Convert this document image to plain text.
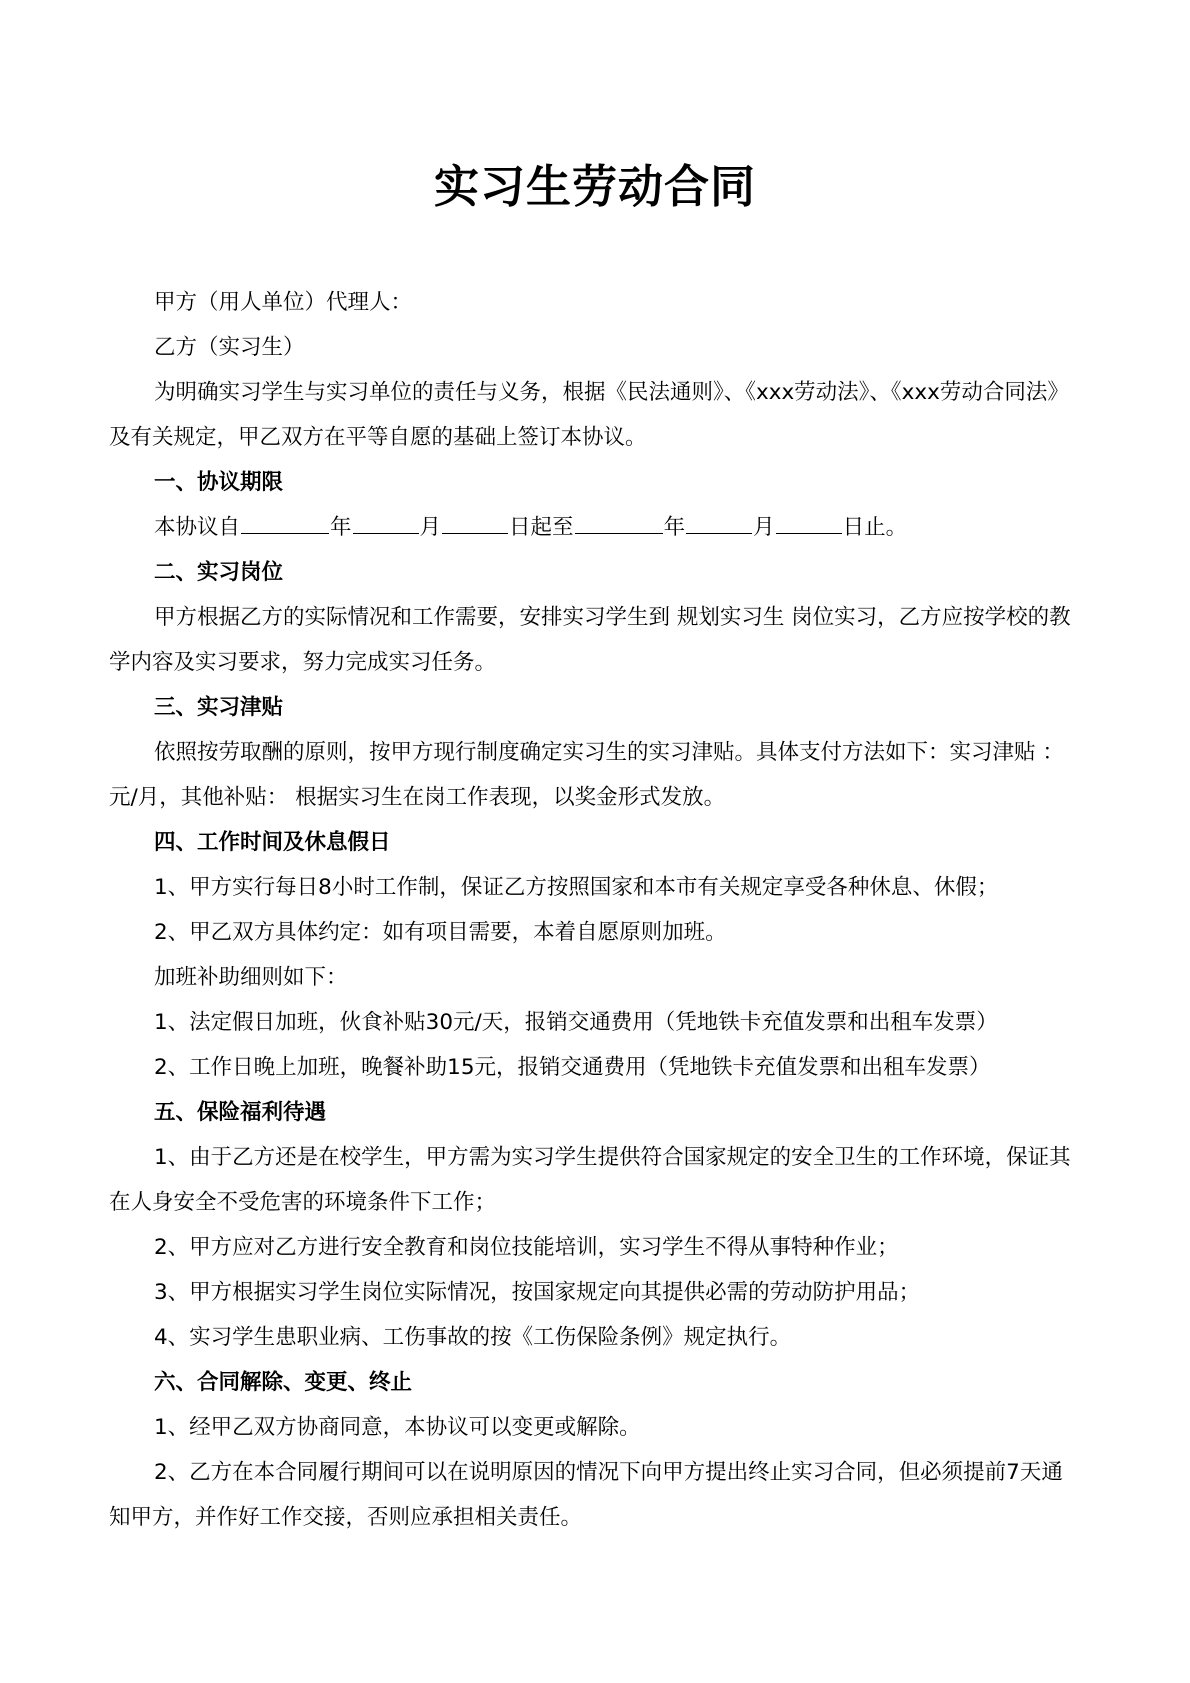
实习生劳动合同

甲方（用人单位）代理人：

乙方（实习生）

为明确实习学生与实习单位的责任与义务，根据《民法通则》、《xxx劳动法》、《xxx劳动合同法》及有关规定，甲乙双方在平等自愿的基础上签订本协议。

一、协议期限

本协议自	年	月	日起至	年	月	日止。

二、实习岗位

甲方根据乙方的实际情况和工作需要，安排实习学生到 规划实习生 岗位实习，乙方应按学校的教学内容及实习要求，努力完成实习任务。

三、实习津贴

依照按劳取酬的原则，按甲方现行制度确定实习生的实习津贴。具体支付方法如下：实习津贴 ：元/月，其他补贴： 根据实习生在岗工作表现，以奖金形式发放。

四、工作时间及休息假日

1、甲方实行每日8小时工作制，保证乙方按照国家和本市有关规定享受各种休息、休假；

2、甲乙双方具体约定：如有项目需要，本着自愿原则加班。

加班补助细则如下：

1、法定假日加班，伙食补贴30元/天，报销交通费用（凭地铁卡充值发票和出租车发票）

2、工作日晚上加班，晚餐补助15元，报销交通费用（凭地铁卡充值发票和出租车发票）

五、保险福利待遇

1、由于乙方还是在校学生，甲方需为实习学生提供符合国家规定的安全卫生的工作环境，保证其在人身安全不受危害的环境条件下工作；

2、甲方应对乙方进行安全教育和岗位技能培训，实习学生不得从事特种作业；

3、甲方根据实习学生岗位实际情况，按国家规定向其提供必需的劳动防护用品；

4、实习学生患职业病、工伤事故的按《工伤保险条例》规定执行。

六、合同解除、变更、终止

1、经甲乙双方协商同意，本协议可以变更或解除。

2、乙方在本合同履行期间可以在说明原因的情况下向甲方提出终止实习合同，但必须提前7天通知甲方，并作好工作交接，否则应承担相关责任。
